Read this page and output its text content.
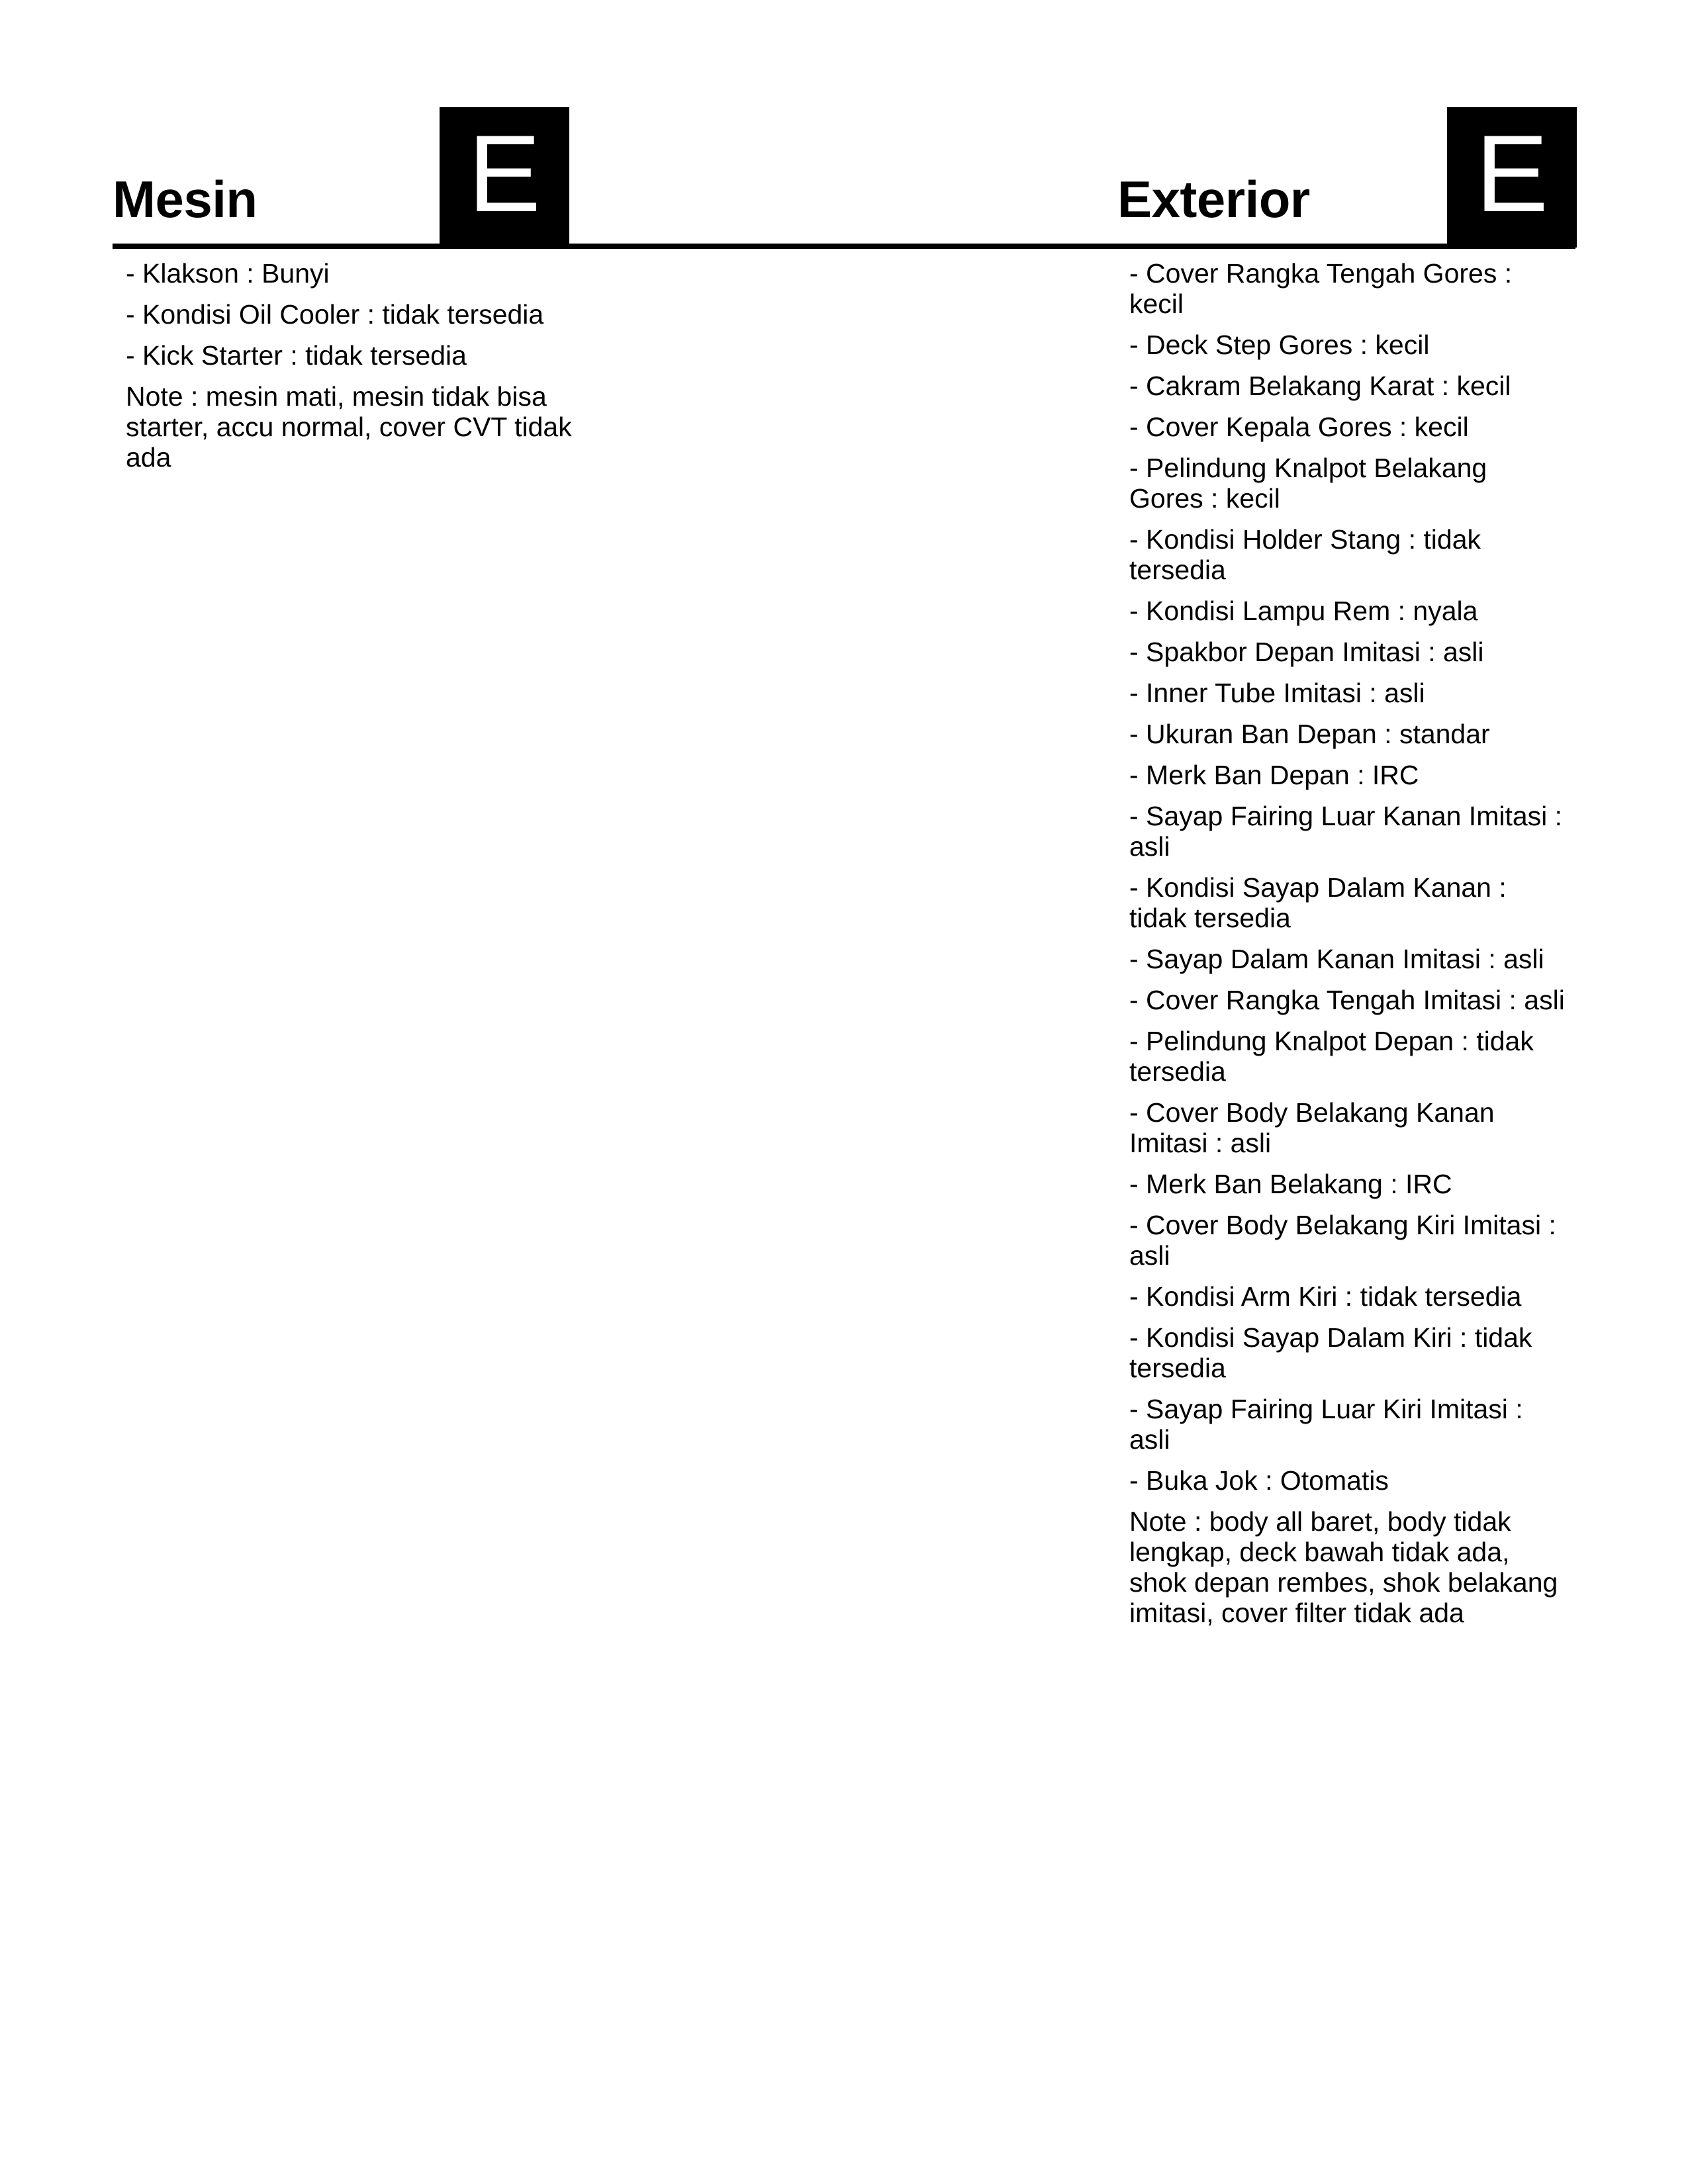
Mesin E	Exterior E
- Klakson : Bunyi
- Kondisi Oil Cooler : tidak tersedia
- Kick Starter : tidak tersedia

Note : mesin mati, mesin tidak bisa starter, accu normal, cover CVT tidak ada

- Cover Rangka Tengah Gores : kecil
- Deck Step Gores : kecil
- Cakram Belakang Karat : kecil
- Cover Kepala Gores : kecil
- Pelindung Knalpot Belakang Gores : kecil
- Kondisi Holder Stang : tidak tersedia
- Kondisi Lampu Rem : nyala
- Spakbor Depan Imitasi : asli
- Inner Tube Imitasi : asli
- Ukuran Ban Depan : standar
- Merk Ban Depan : IRC
- Sayap Fairing Luar Kanan Imitasi : asli
- Kondisi Sayap Dalam Kanan : tidak tersedia
- Sayap Dalam Kanan Imitasi : asli
- Cover Rangka Tengah Imitasi : asli
- Pelindung Knalpot Depan : tidak tersedia
- Cover Body Belakang Kanan Imitasi : asli
- Merk Ban Belakang : IRC
- Cover Body Belakang Kiri Imitasi : asli
- Kondisi Arm Kiri : tidak tersedia
- Kondisi Sayap Dalam Kiri : tidak tersedia
- Sayap Fairing Luar Kiri Imitasi : asli
- Buka Jok : Otomatis

Note : body all baret, body tidak lengkap, deck bawah tidak ada, shok depan rembes, shok belakang imitasi, cover filter tidak ada
